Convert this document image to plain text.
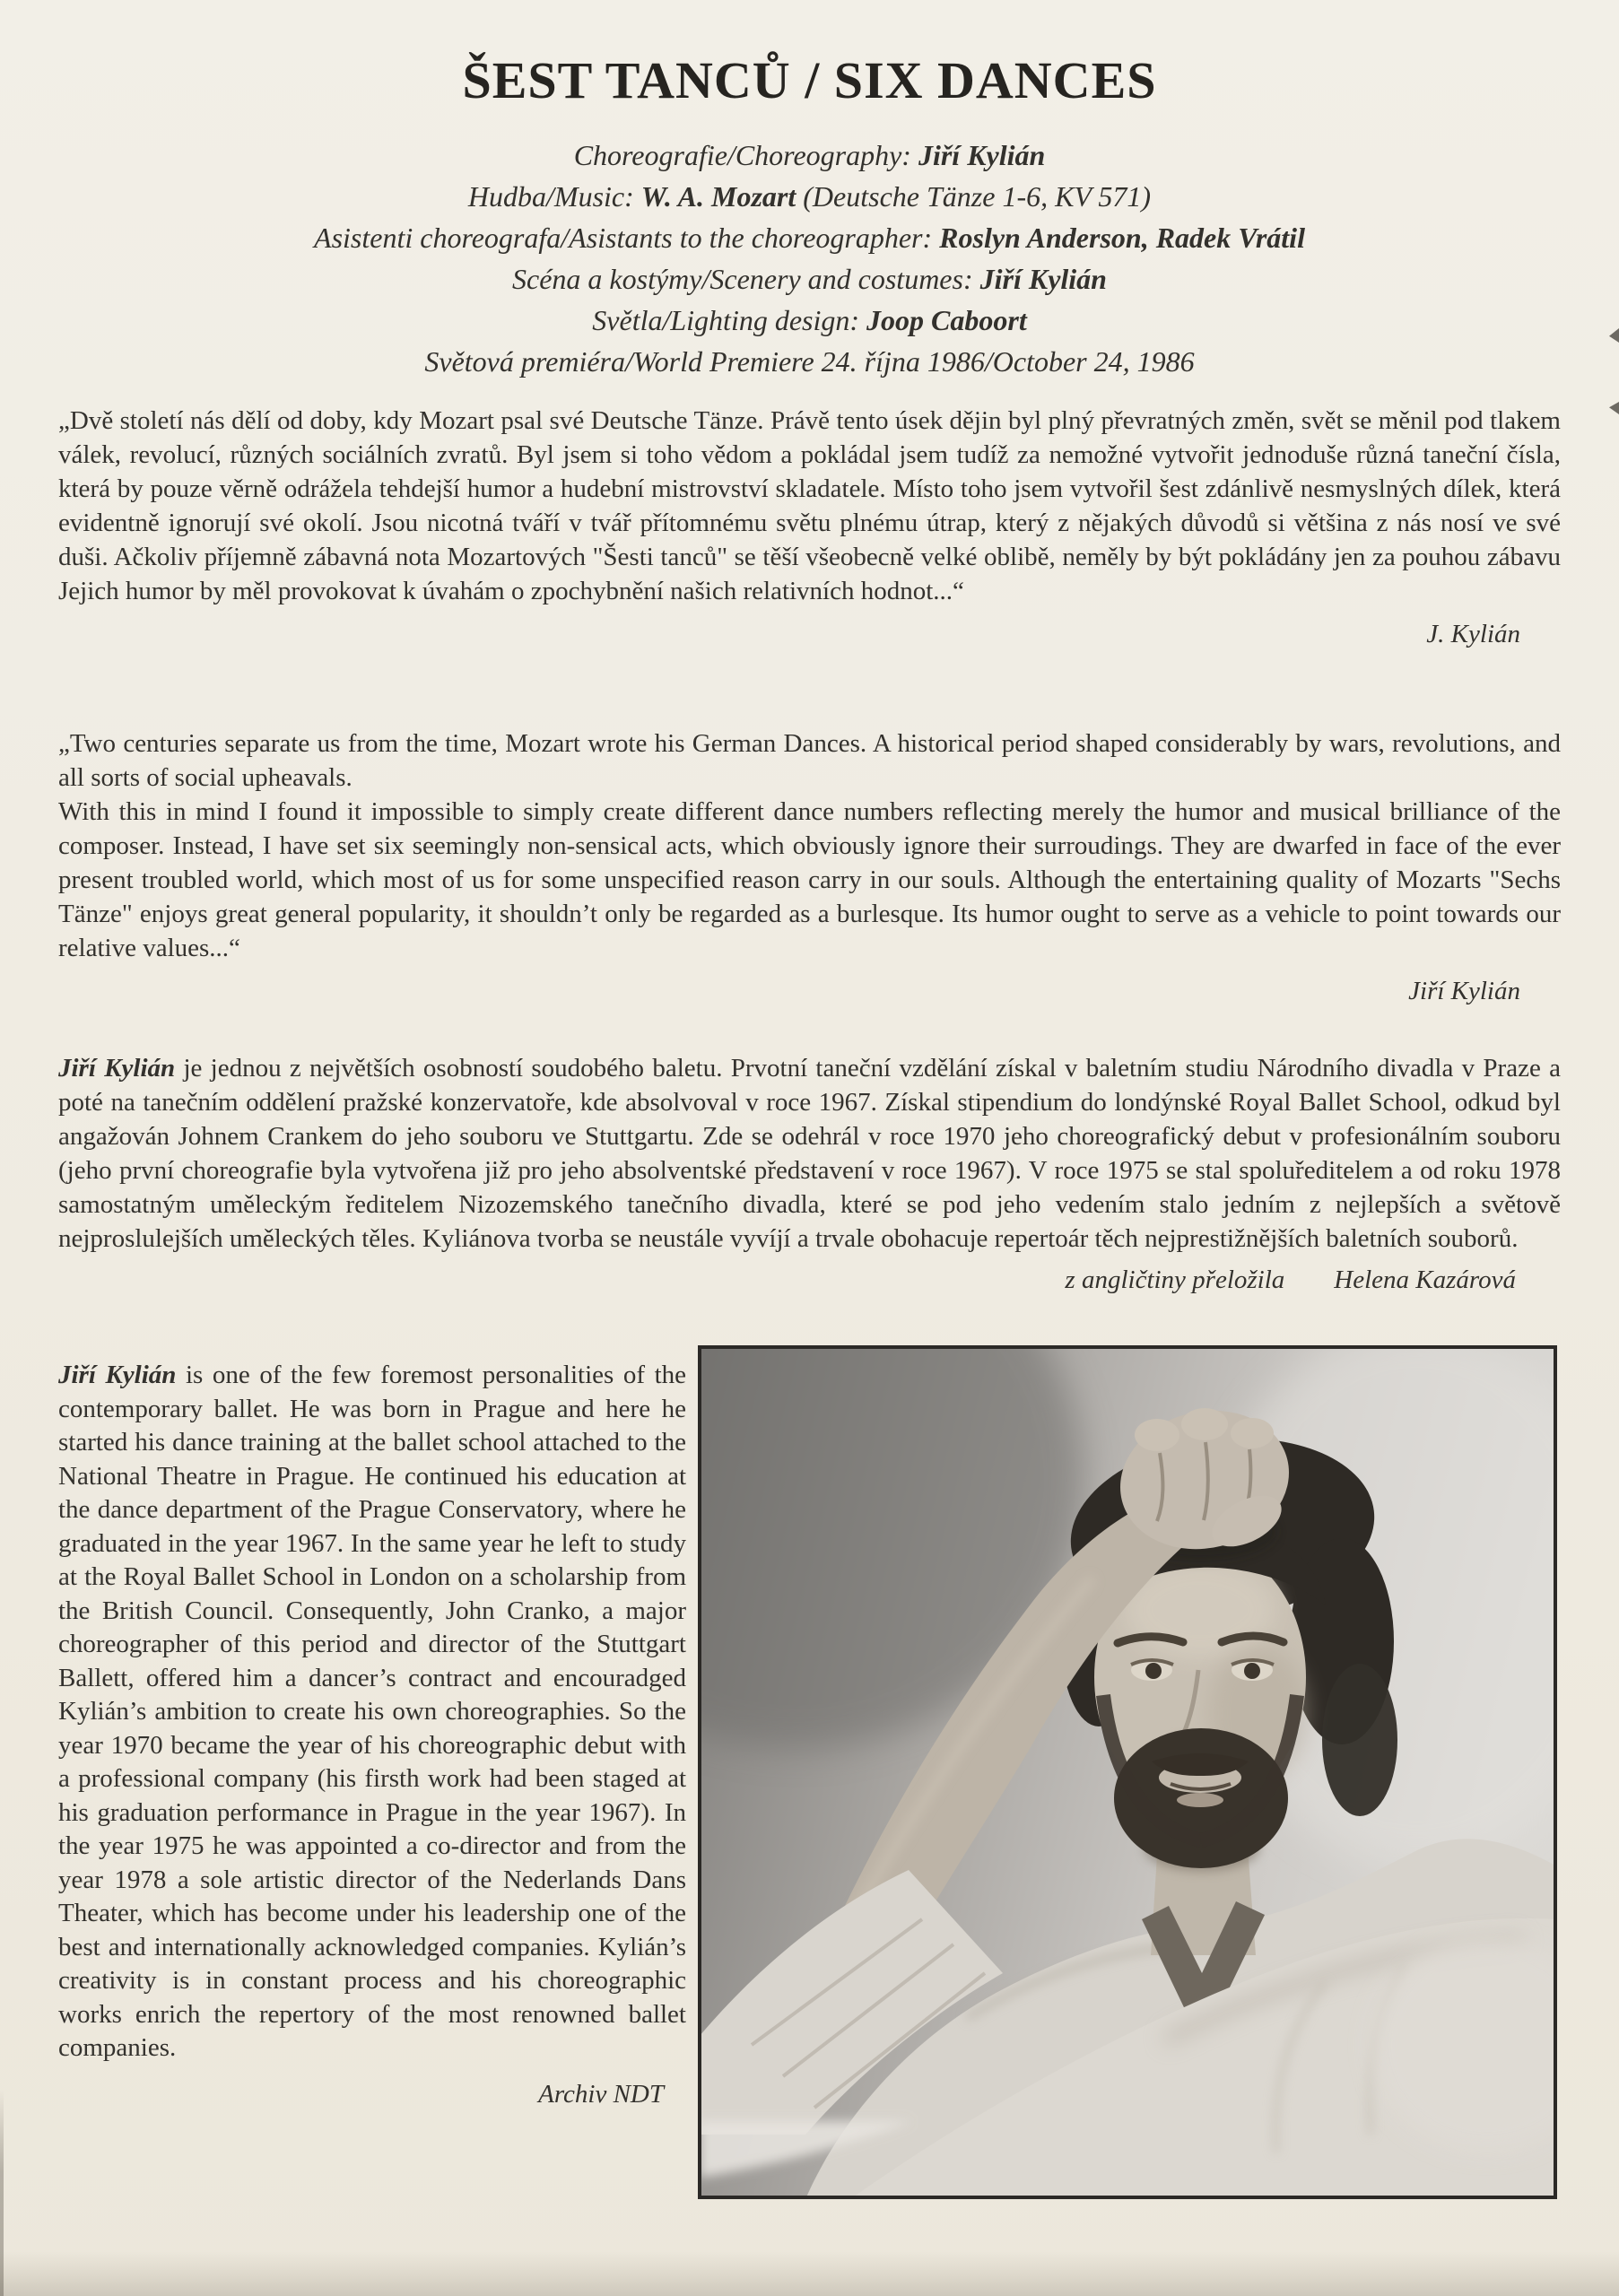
ŠEST TANCŮ / SIX DANCES
Choreografie/Choreography: Jiří Kylián
Hudba/Music: W. A. Mozart (Deutsche Tänze 1-6, KV 571)
Asistenti choreografa/Asistants to the choreographer: Roslyn Anderson, Radek Vrátil
Scéna a kostýmy/Scenery and costumes: Jiří Kylián
Světla/Lighting design: Joop Caboort
Světová premiéra/World Premiere 24. října 1986/October 24, 1986
„Dvě století nás dělí od doby, kdy Mozart psal své Deutsche Tänze. Právě tento úsek dějin byl plný převratných změn, svět se měnil pod tlakem válek, revolucí, různých sociálních zvratů. Byl jsem si toho vědom a pokládal jsem tudíž za nemožné vytvořit jednoduše různá taneční čísla, která by pouze věrně odrážela tehdejší humor a hudební mistrovství skladatele. Místo toho jsem vytvořil šest zdánlivě nesmyslných dílek, která evidentně ignorují své okolí. Jsou nicotná tváří v tvář přítomnému světu plnému útrap, který z nějakých důvodů si většina z nás nosí ve své duši. Ačkoliv příjemně zábavná nota Mozartových "Šesti tanců" se těší všeobecně velké oblibě, neměly by být pokládány jen za pouhou zábavu Jejich humor by měl provokovat k úvahám o zpochybnění našich relativních hodnot...“
J. Kylián
„Two centuries separate us from the time, Mozart wrote his German Dances. A historical period shaped considerably by wars, revolutions, and all sorts of social upheavals.
With this in mind I found it impossible to simply create different dance numbers reflecting merely the humor and musical brilliance of the composer. Instead, I have set six seemingly non-sensical acts, which obviously ignore their surroudings. They are dwarfed in face of the ever present troubled world, which most of us for some unspecified reason carry in our souls. Although the entertaining quality of Mozarts "Sechs Tänze" enjoys great general popularity, it shouldn’t only be regarded as a burlesque. Its humor ought to serve as a vehicle to point towards our relative values...“
Jiří Kylián
Jiří Kylián je jednou z největších osobností soudobého baletu. Prvotní taneční vzdělání získal v baletním studiu Národního divadla v Praze a poté na tanečním oddělení pražské konzervatoře, kde absolvoval v roce 1967. Získal stipendium do londýnské Royal Ballet School, odkud byl angažován Johnem Crankem do jeho souboru ve Stuttgartu. Zde se odehrál v roce 1970 jeho choreografický debut v profesionálním souboru (jeho první choreografie byla vytvořena již pro jeho absolventské představení v roce 1967). V roce 1975 se stal spoluředitelem a od roku 1978 samostatným uměleckým ředitelem Nizozemského tanečního divadla, které se pod jeho vedením stalo jedním z nejlepších a světově nejproslulejších uměleckých těles. Kyliánova tvorba se neustále vyvíjí a trvale obohacuje repertoár těch nejprestižnějších baletních souborů.
z angličtiny přeložila Helena Kazárová
Jiří Kylián is one of the few foremost personalities of the contemporary ballet. He was born in Prague and here he started his dance training at the ballet school attached to the National Theatre in Prague. He continued his education at the dance department of the Prague Conservatory, where he graduated in the year 1967. In the same year he left to study at the Royal Ballet School in London on a scholarship from the British Council. Consequently, John Cranko, a major choreographer of this period and director of the Stuttgart Ballett, offered him a dancer’s contract and encouradged Kylián’s ambition to create his own choreographies. So the year 1970 became the year of his choreographic debut with a professional company (his firsth work had been staged at his graduation performance in Prague in the year 1967). In the year 1975 he was appointed a co-director and from the year 1978 a sole artistic director of the Nederlands Dans Theater, which has become under his leadership one of the best and internationally acknowledged companies. Kylián’s creativity is in constant process and his choreographic works enrich the repertory of the most renowned ballet companies.
Archiv NDT
